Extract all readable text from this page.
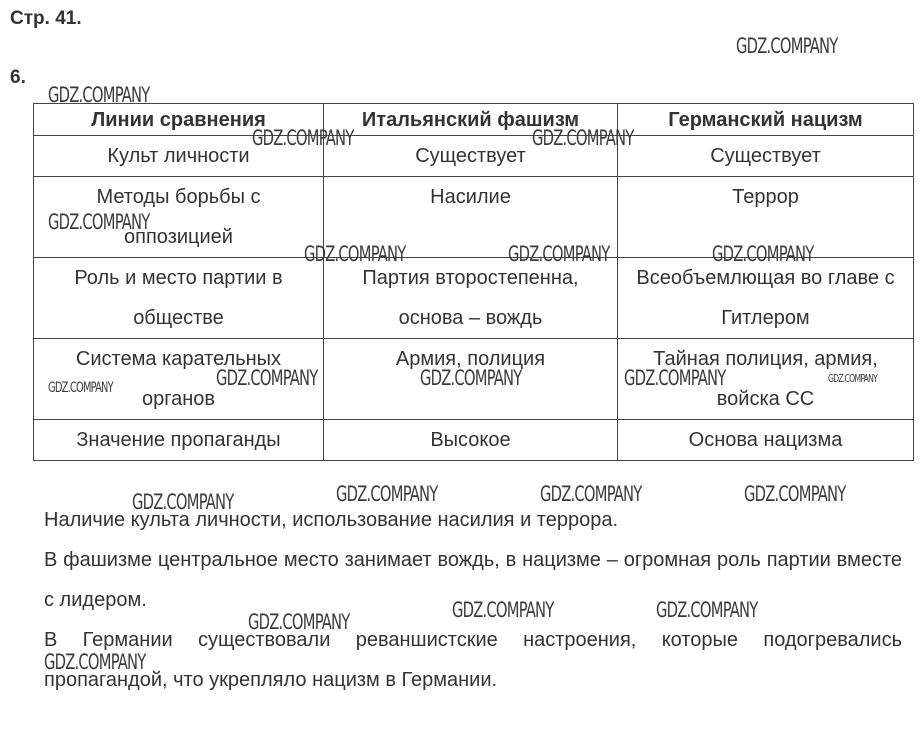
Стр. 41.
6.
Линии сравнения	Итальянский фашизм	Германский нацизм
Культ личности	Существует	Существует
Методы борьбы с оппозицией	Насилие	Террор
Роль и место партии в обществе	Партия второстепенна, основа – вождь	Всеобъемлющая во главе с Гитлером
Система карательных органов	Армия, полиция	Тайная полиция, армия, войска СС
Значение пропаганды	Высокое	Основа нацизма

Наличие культа личности, использование насилия и террора.

В фашизме центральное место занимает вождь, в нацизме – огромная роль партии вместе с лидером.

В Германии существовали реваншистские настроения, которые подогревались пропагандой, что укрепляло нацизм в Германии.

GDZ.COMPANY
GDZ.COMPANY
GDZ.COMPANY	GDZ.COMPANY
GDZ.COMPANY
GDZ.COMPANY	GDZ.COMPANY	GDZ.COMPANY
GDZ.COMPANY	GDZ.COMPANY	GDZ.COMPANY	GDZ.COMPANY	GDZ.COMPANY
GDZ.COMPANY	GDZ.COMPANY	GDZ.COMPANY	GDZ.COMPANY
GDZ.COMPANY	GDZ.COMPANY	GDZ.COMPANY
GDZ.COMPANY
